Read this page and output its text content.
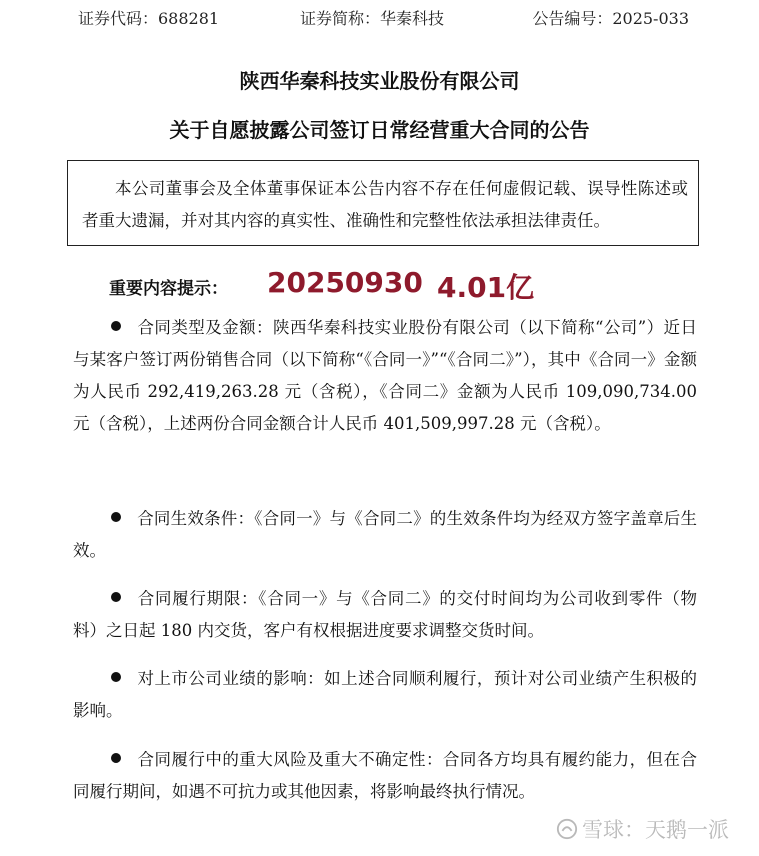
证券代码：688281	证券简称：华秦科技	公告编号：2025-033
陕西华秦科技实业股份有限公司
关于自愿披露公司签订日常经营重大合同的公告
本公司董事会及全体董事保证本公告内容不存在任何虚假记载、误导性陈述或者重大遗漏，并对其内容的真实性、准确性和完整性依法承担法律责任。
重要内容提示： 20250930 4.01亿
合同类型及金额：陕西华秦科技实业股份有限公司（以下简称“公司”）近日与某客户签订两份销售合同（以下简称“《合同一》”“《合同二》”），其中《合同一》金额为人民币 292,419,263.28 元（含税），《合同二》金额为人民币 109,090,734.00 元（含税），上述两份合同金额合计人民币 401,509,997.28 元（含税）。
合同生效条件：《合同一》与《合同二》的生效条件均为经双方签字盖章后生效。
合同履行期限：《合同一》与《合同二》的交付时间均为公司收到零件（物料）之日起 180 内交货，客户有权根据进度要求调整交货时间。
对上市公司业绩的影响：如上述合同顺利履行，预计对公司业绩产生积极的影响。
合同履行中的重大风险及重大不确定性：合同各方均具有履约能力，但在合同履行期间，如遇不可抗力或其他因素，将影响最终执行情况。
雪球：天鹅一派
